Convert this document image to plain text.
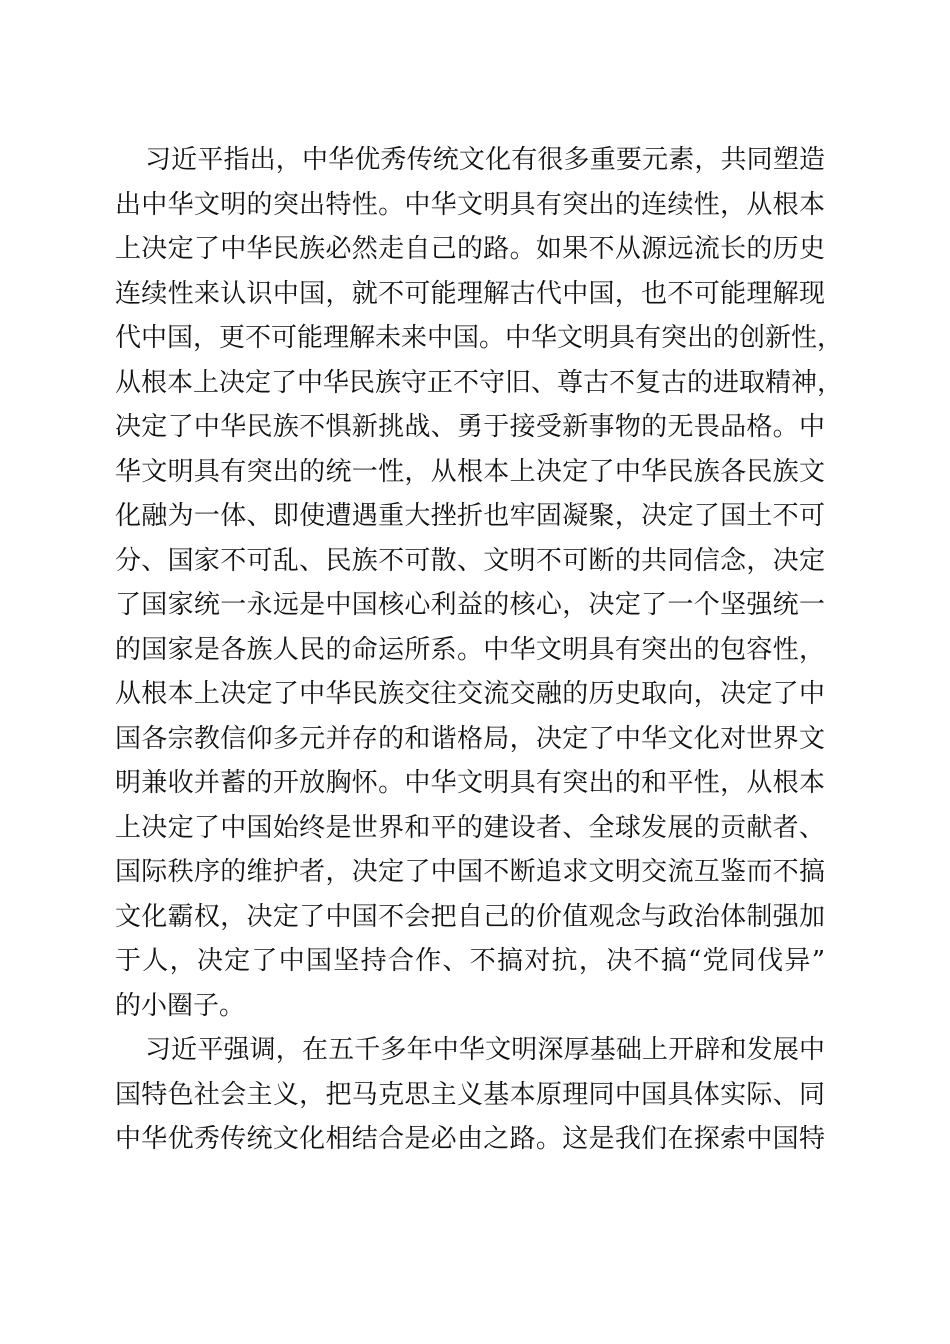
习近平指出，中华优秀传统文化有很多重要元素，共同塑造
出中华文明的突出特性。中华文明具有突出的连续性，从根本
上决定了中华民族必然走自己的路。如果不从源远流长的历史
连续性来认识中国，就不可能理解古代中国，也不可能理解现
代中国，更不可能理解未来中国。中华文明具有突出的创新性，
从根本上决定了中华民族守正不守旧、尊古不复古的进取精神，
决定了中华民族不惧新挑战、勇于接受新事物的无畏品格。中
华文明具有突出的统一性，从根本上决定了中华民族各民族文
化融为一体、即使遭遇重大挫折也牢固凝聚，决定了国土不可
分、国家不可乱、民族不可散、文明不可断的共同信念，决定
了国家统一永远是中国核心利益的核心，决定了一个坚强统一
的国家是各族人民的命运所系。中华文明具有突出的包容性，
从根本上决定了中华民族交往交流交融的历史取向，决定了中
国各宗教信仰多元并存的和谐格局，决定了中华文化对世界文
明兼收并蓄的开放胸怀。中华文明具有突出的和平性，从根本
上决定了中国始终是世界和平的建设者、全球发展的贡献者、
国际秩序的维护者，决定了中国不断追求文明交流互鉴而不搞
文化霸权，决定了中国不会把自己的价值观念与政治体制强加
于人，决定了中国坚持合作、不搞对抗，决不搞“党同伐异”
的小圈子。
习近平强调，在五千多年中华文明深厚基础上开辟和发展中
国特色社会主义，把马克思主义基本原理同中国具体实际、同
中华优秀传统文化相结合是必由之路。这是我们在探索中国特
